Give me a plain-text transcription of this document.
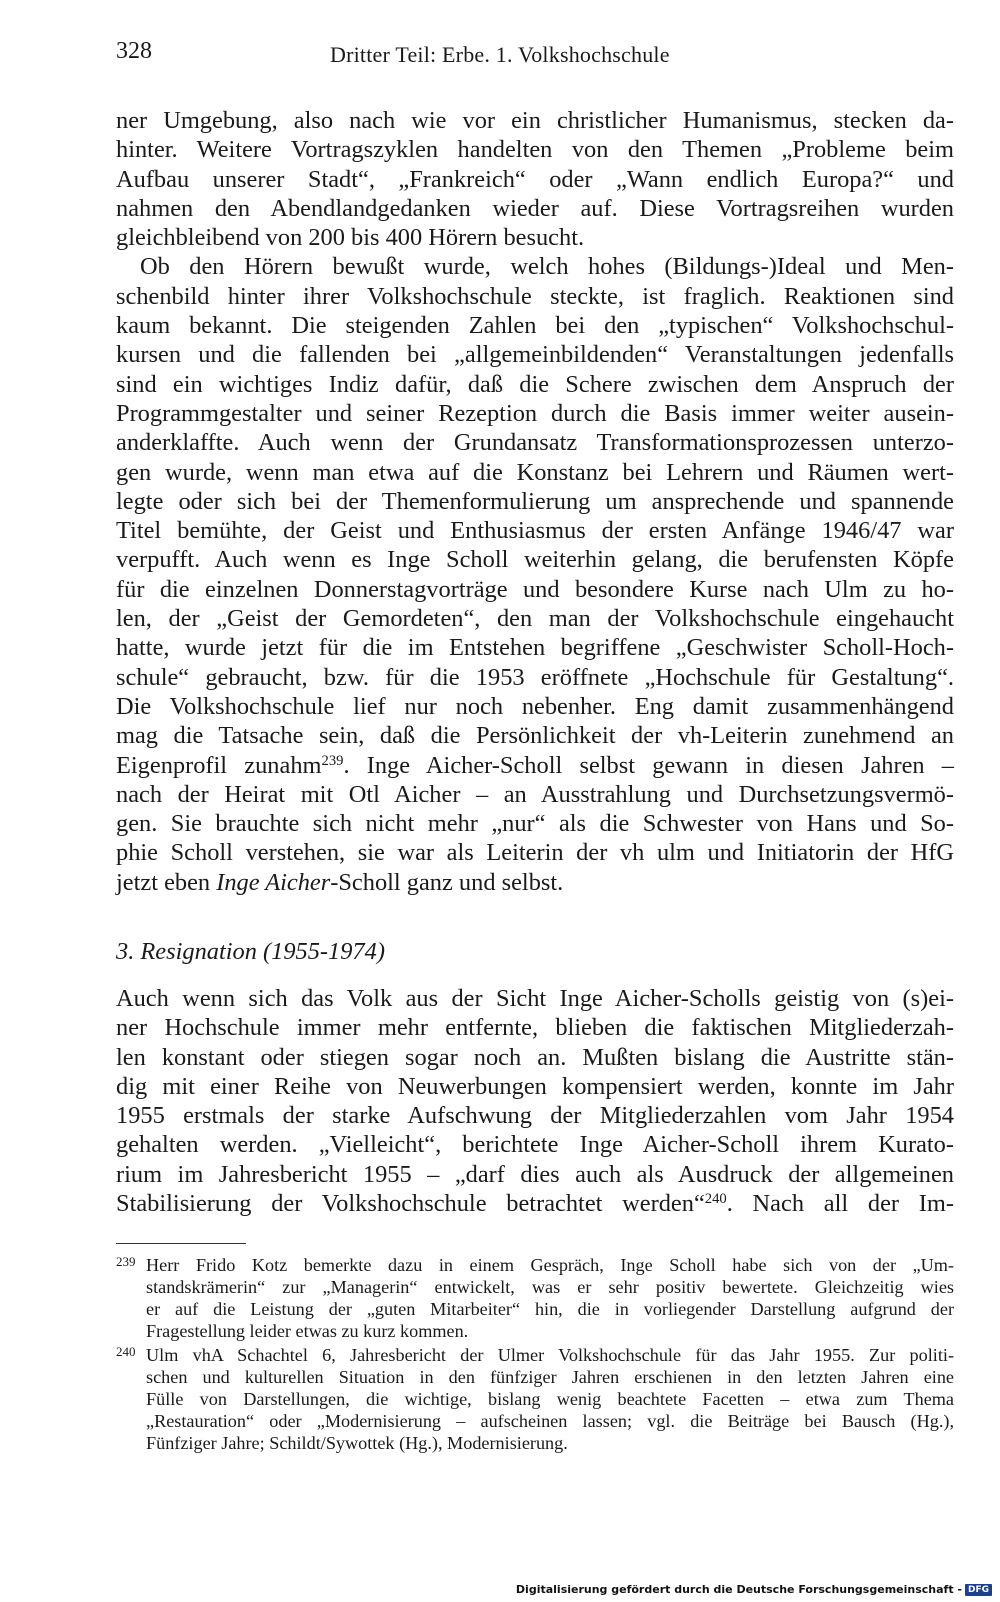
328	Dritter Teil: Erbe. 1. Volkshochschule
ner Umgebung, also nach wie vor ein christlicher Humanismus, stecken da-
hinter. Weitere Vortragszyklen handelten von den Themen „Probleme beim
Aufbau unserer Stadt“, „Frankreich“ oder „Wann endlich Europa?“ und
nahmen den Abendlandgedanken wieder auf. Diese Vortragsreihen wurden
gleichbleibend von 200 bis 400 Hörern besucht.
Ob den Hörern bewußt wurde, welch hohes (Bildungs-)Ideal und Men-
schenbild hinter ihrer Volkshochschule steckte, ist fraglich. Reaktionen sind
kaum bekannt. Die steigenden Zahlen bei den „typischen“ Volkshochschul-
kursen und die fallenden bei „allgemeinbildenden“ Veranstaltungen jedenfalls
sind ein wichtiges Indiz dafür, daß die Schere zwischen dem Anspruch der
Programmgestalter und seiner Rezeption durch die Basis immer weiter ausein-
anderklaffte. Auch wenn der Grundansatz Transformationsprozessen unterzo-
gen wurde, wenn man etwa auf die Konstanz bei Lehrern und Räumen wert-
legte oder sich bei der Themenformulierung um ansprechende und spannende
Titel bemühte, der Geist und Enthusiasmus der ersten Anfänge 1946/47 war
verpufft. Auch wenn es Inge Scholl weiterhin gelang, die berufensten Köpfe
für die einzelnen Donnerstagvorträge und besondere Kurse nach Ulm zu ho-
len, der „Geist der Gemordeten“, den man der Volkshochschule eingehaucht
hatte, wurde jetzt für die im Entstehen begriffene „Geschwister Scholl-Hoch-
schule“ gebraucht, bzw. für die 1953 eröffnete „Hochschule für Gestaltung“.
Die Volkshochschule lief nur noch nebenher. Eng damit zusammenhängend
mag die Tatsache sein, daß die Persönlichkeit der vh-Leiterin zunehmend an
Eigenprofil zunahm$^{239}$. Inge Aicher-Scholl selbst gewann in diesen Jahren –
nach der Heirat mit Otl Aicher – an Ausstrahlung und Durchsetzungsvermö-
gen. Sie brauchte sich nicht mehr „nur“ als die Schwester von Hans und So-
phie Scholl verstehen, sie war als Leiterin der vh ulm und Initiatorin der HfG
jetzt eben Inge Aicher-Scholl ganz und selbst.
3. Resignation (1955-1974)
Auch wenn sich das Volk aus der Sicht Inge Aicher-Scholls geistig von (s)ei-
ner Hochschule immer mehr entfernte, blieben die faktischen Mitgliederzah-
len konstant oder stiegen sogar noch an. Mußten bislang die Austritte stän-
dig mit einer Reihe von Neuwerbungen kompensiert werden, konnte im Jahr
1955 erstmals der starke Aufschwung der Mitgliederzahlen vom Jahr 1954
gehalten werden. „Vielleicht“, berichtete Inge Aicher-Scholl ihrem Kurato-
rium im Jahresbericht 1955 – „darf dies auch als Ausdruck der allgemeinen
Stabilisierung der Volkshochschule betrachtet werden“$^{240}$. Nach all der Im-
239 Herr Frido Kotz bemerkte dazu in einem Gespräch, Inge Scholl habe sich von der „Um-
standskrämerin“ zur „Managerin“ entwickelt, was er sehr positiv bewertete. Gleichzeitig wies
er auf die Leistung der „guten Mitarbeiter“ hin, die in vorliegender Darstellung aufgrund der
Fragestellung leider etwas zu kurz kommen.
240 Ulm vhA Schachtel 6, Jahresbericht der Ulmer Volkshochschule für das Jahr 1955. Zur politi-
schen und kulturellen Situation in den fünfziger Jahren erschienen in den letzten Jahren eine
Fülle von Darstellungen, die wichtige, bislang wenig beachtete Facetten – etwa zum Thema
„Restauration“ oder „Modernisierung – aufscheinen lassen; vgl. die Beiträge bei Bausch (Hg.),
Fünfziger Jahre; Schildt/Sywottek (Hg.), Modernisierung.
Digitalisierung gefördert durch die Deutsche Forschungsgemeinschaft - DFG
